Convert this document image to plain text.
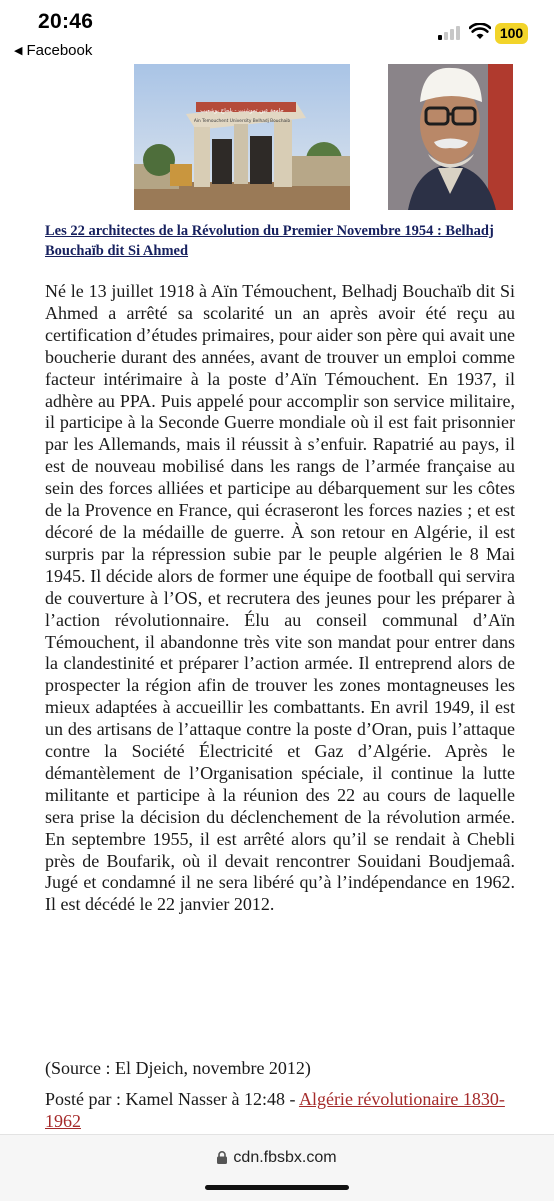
20:46	100
◀ Facebook
جامعة عين تموشنت - بلحاج بوشعيب
Ain Temouchent University Belhadj Bouchaib
Les 22 architectes de la Révolution du Premier Novembre 1954 : Belhadj Bouchaïb dit Si Ahmed
Né le 13 juillet 1918 à Aïn Témouchent, Belhadj Bouchaïb dit Si Ahmed a arrêté sa scolarité un an après avoir été reçu au certification d’études primaires, pour aider son père qui avait une boucherie durant des années, avant de trouver un emploi comme facteur intérimaire à la poste d’Aïn Témouchent. En 1937, il adhère au PPA. Puis appelé pour accomplir son service militaire, il participe à la Seconde Guerre mondiale où il est fait prisonnier par les Allemands, mais il réussit à s’enfuir. Rapatrié au pays, il est de nouveau mobilisé dans les rangs de l’armée française au sein des forces alliées et participe au débarquement sur les côtes de la Provence en France, qui écraseront les forces nazies ; et est décoré de la médaille de guerre. À son retour en Algérie, il est surpris par la répression subie par le peuple algérien le 8 Mai 1945. Il décide alors de former une équipe de football qui servira de couverture à l’OS, et recrutera des jeunes pour les préparer à l’action révolutionnaire. Élu au conseil communal d’Aïn Témouchent, il abandonne très vite son mandat pour entrer dans la clandestinité et préparer l’action armée. Il entreprend alors de prospecter la région afin de trouver les zones montagneuses les mieux adaptées à accueillir les combattants. En avril 1949, il est un des artisans de l’attaque contre la poste d’Oran, puis l’attaque contre la Société Électricité et Gaz d’Algérie. Après le démantèlement de l’Organisation spéciale, il continue la lutte militante et participe à la réunion des 22 au cours de laquelle sera prise la décision du déclenchement de la révolution armée. En septembre 1955, il est arrêté alors qu’il se rendait à Chebli près de Boufarik, où il devait rencontrer Souidani Boudjemaâ. Jugé et condamné il ne sera libéré qu’à l’indépendance en 1962. Il est décédé le 22 janvier 2012.
(Source : El Djeich, novembre 2012)
Posté par : Kamel Nasser à 12:48 - Algérie révolutionaire 1830-1962
cdn.fbsbx.com
